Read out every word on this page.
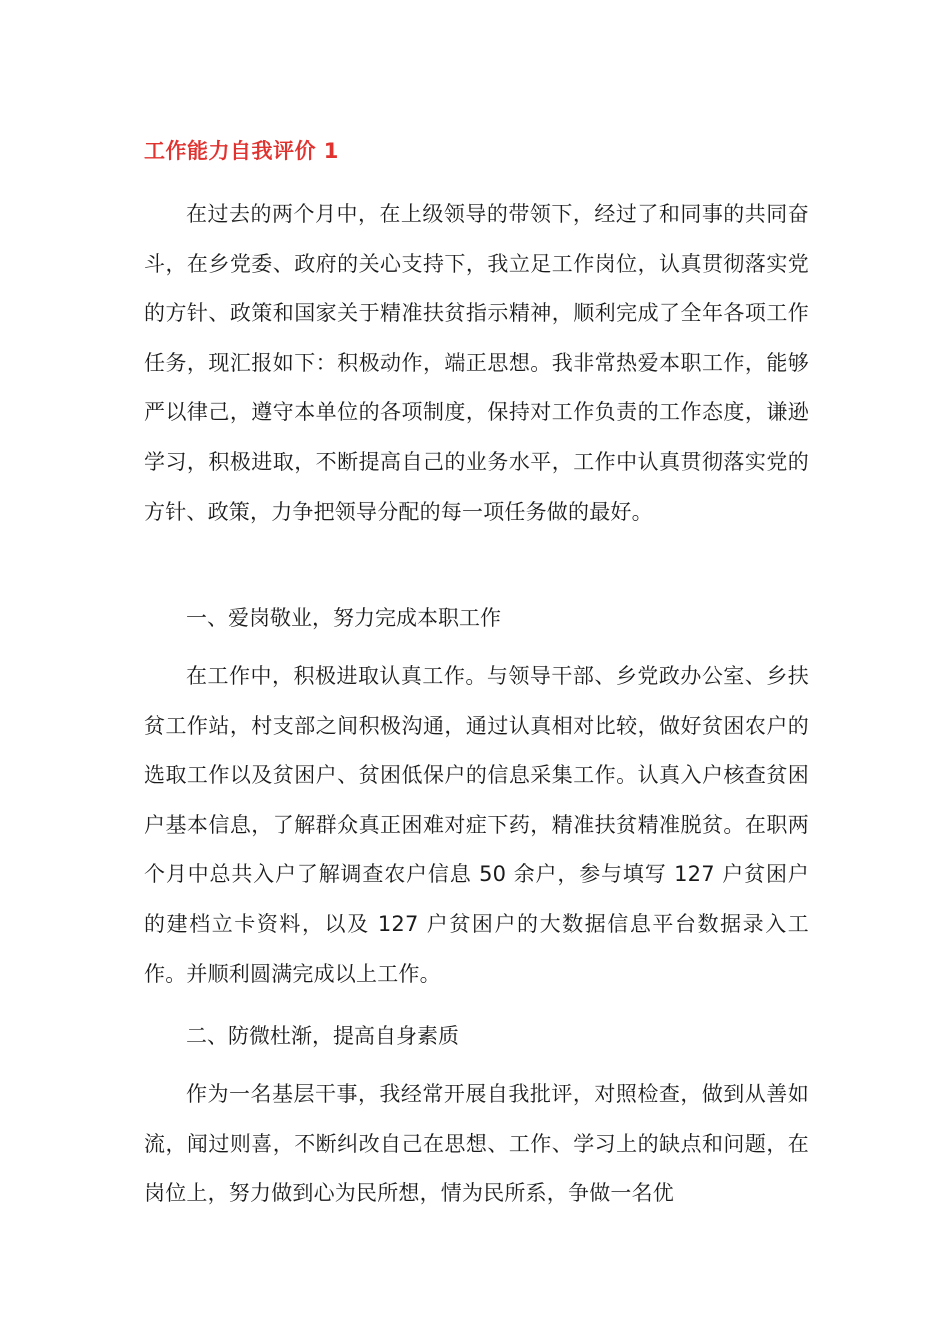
工作能力自我评价 1

在过去的两个月中，在上级领导的带领下，经过了和同事的共同奋斗，在乡党委、政府的关心支持下，我立足工作岗位，认真贯彻落实党的方针、政策和国家关于精准扶贫指示精神，顺利完成了全年各项工作任务，现汇报如下：积极动作，端正思想。我非常热爱本职工作，能够严以律己，遵守本单位的各项制度，保持对工作负责的工作态度，谦逊学习，积极进取，不断提高自己的业务水平，工作中认真贯彻落实党的方针、政策，力争把领导分配的每一项任务做的最好。

一、爱岗敬业，努力完成本职工作

在工作中，积极进取认真工作。与领导干部、乡党政办公室、乡扶贫工作站，村支部之间积极沟通，通过认真相对比较，做好贫困农户的选取工作以及贫困户、贫困低保户的信息采集工作。认真入户核查贫困户基本信息，了解群众真正困难对症下药，精准扶贫精准脱贫。在职两个月中总共入户了解调查农户信息 50 余户，参与填写 127 户贫困户的建档立卡资料，以及 127 户贫困户的大数据信息平台数据录入工作。并顺利圆满完成以上工作。

二、防微杜渐，提高自身素质

作为一名基层干事，我经常开展自我批评，对照检查，做到从善如流，闻过则喜，不断纠改自己在思想、工作、学习上的缺点和问题，在岗位上，努力做到心为民所想，情为民所系，争做一名优
